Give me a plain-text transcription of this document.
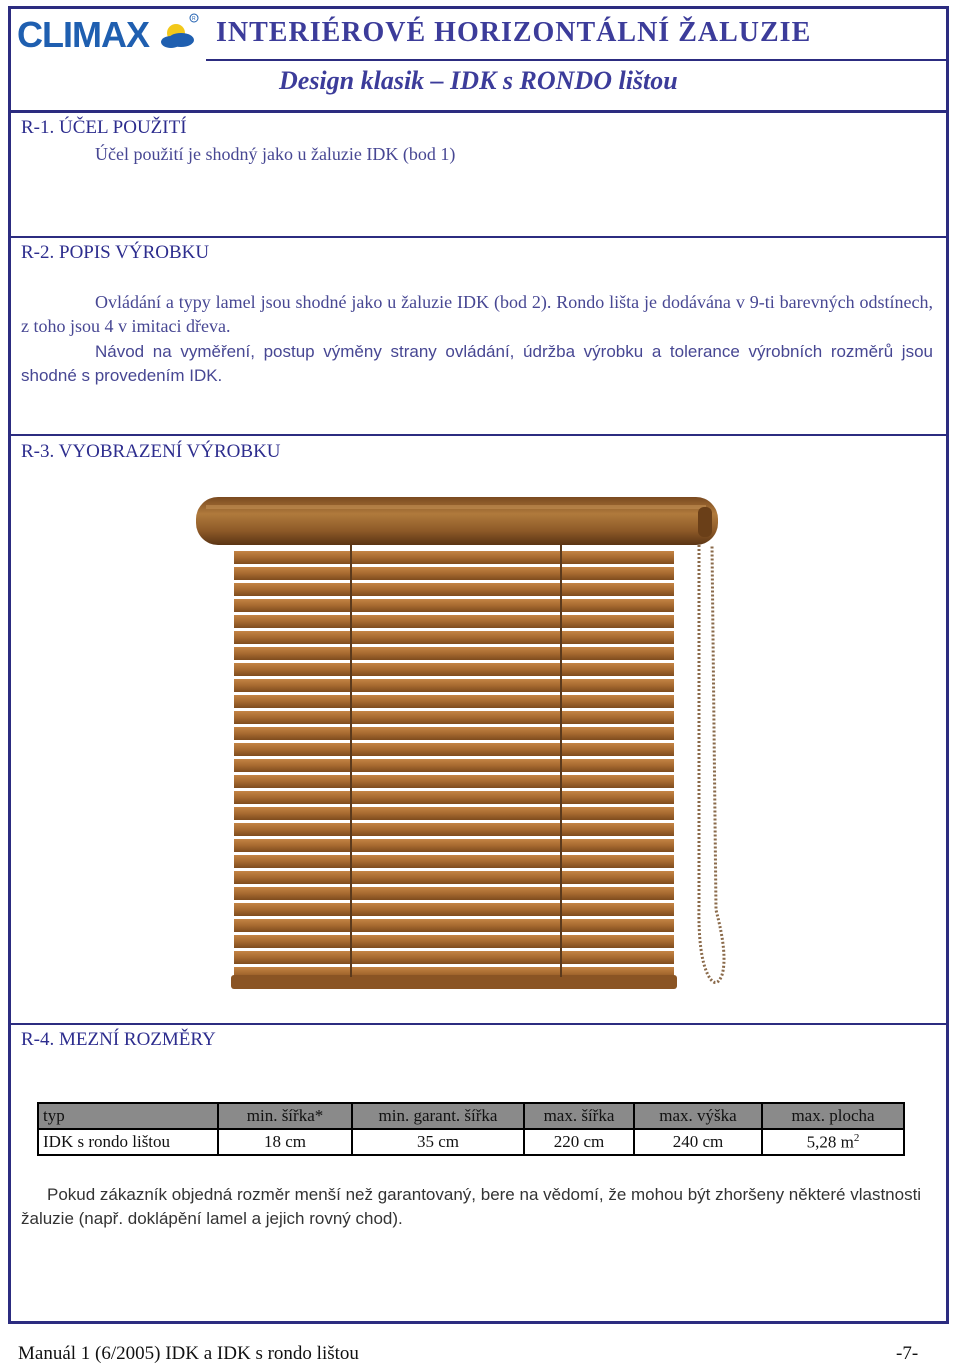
CLIMAX	R INTERIÉROVÉ HORIZONTÁLNÍ ŽALUZIE
Design klasik – IDK s RONDO lištou
R-1. ÚČEL POUŽITÍ
Účel použití je shodný jako u žaluzie IDK (bod 1)
R-2. POPIS VÝROBKU
Ovládání a typy lamel jsou shodné jako u žaluzie IDK (bod 2). Rondo lišta je dodávána v 9-ti barevných odstínech, z toho jsou 4 v imitaci dřeva.
Návod na vyměření, postup výměny strany ovládání, údržba výrobku a tolerance výrobních rozměrů jsou shodné s provedením IDK.
R-3. VYOBRAZENÍ VÝROBKU
R-4. MEZNÍ ROZMĚRY
typ	min. šířka*	min. garant. šířka	max. šířka	max. výška	max. plocha
IDK s rondo lištou	18 cm	35 cm	220 cm	240 cm	5,28 $m^2$
Pokud zákazník objedná rozměr menší než garantovaný, bere na vědomí, že mohou být zhoršeny některé vlastnosti žaluzie (např. doklápění lamel a jejich rovný chod).
Manuál 1 (6/2005) IDK a IDK s rondo lištou	-7-
